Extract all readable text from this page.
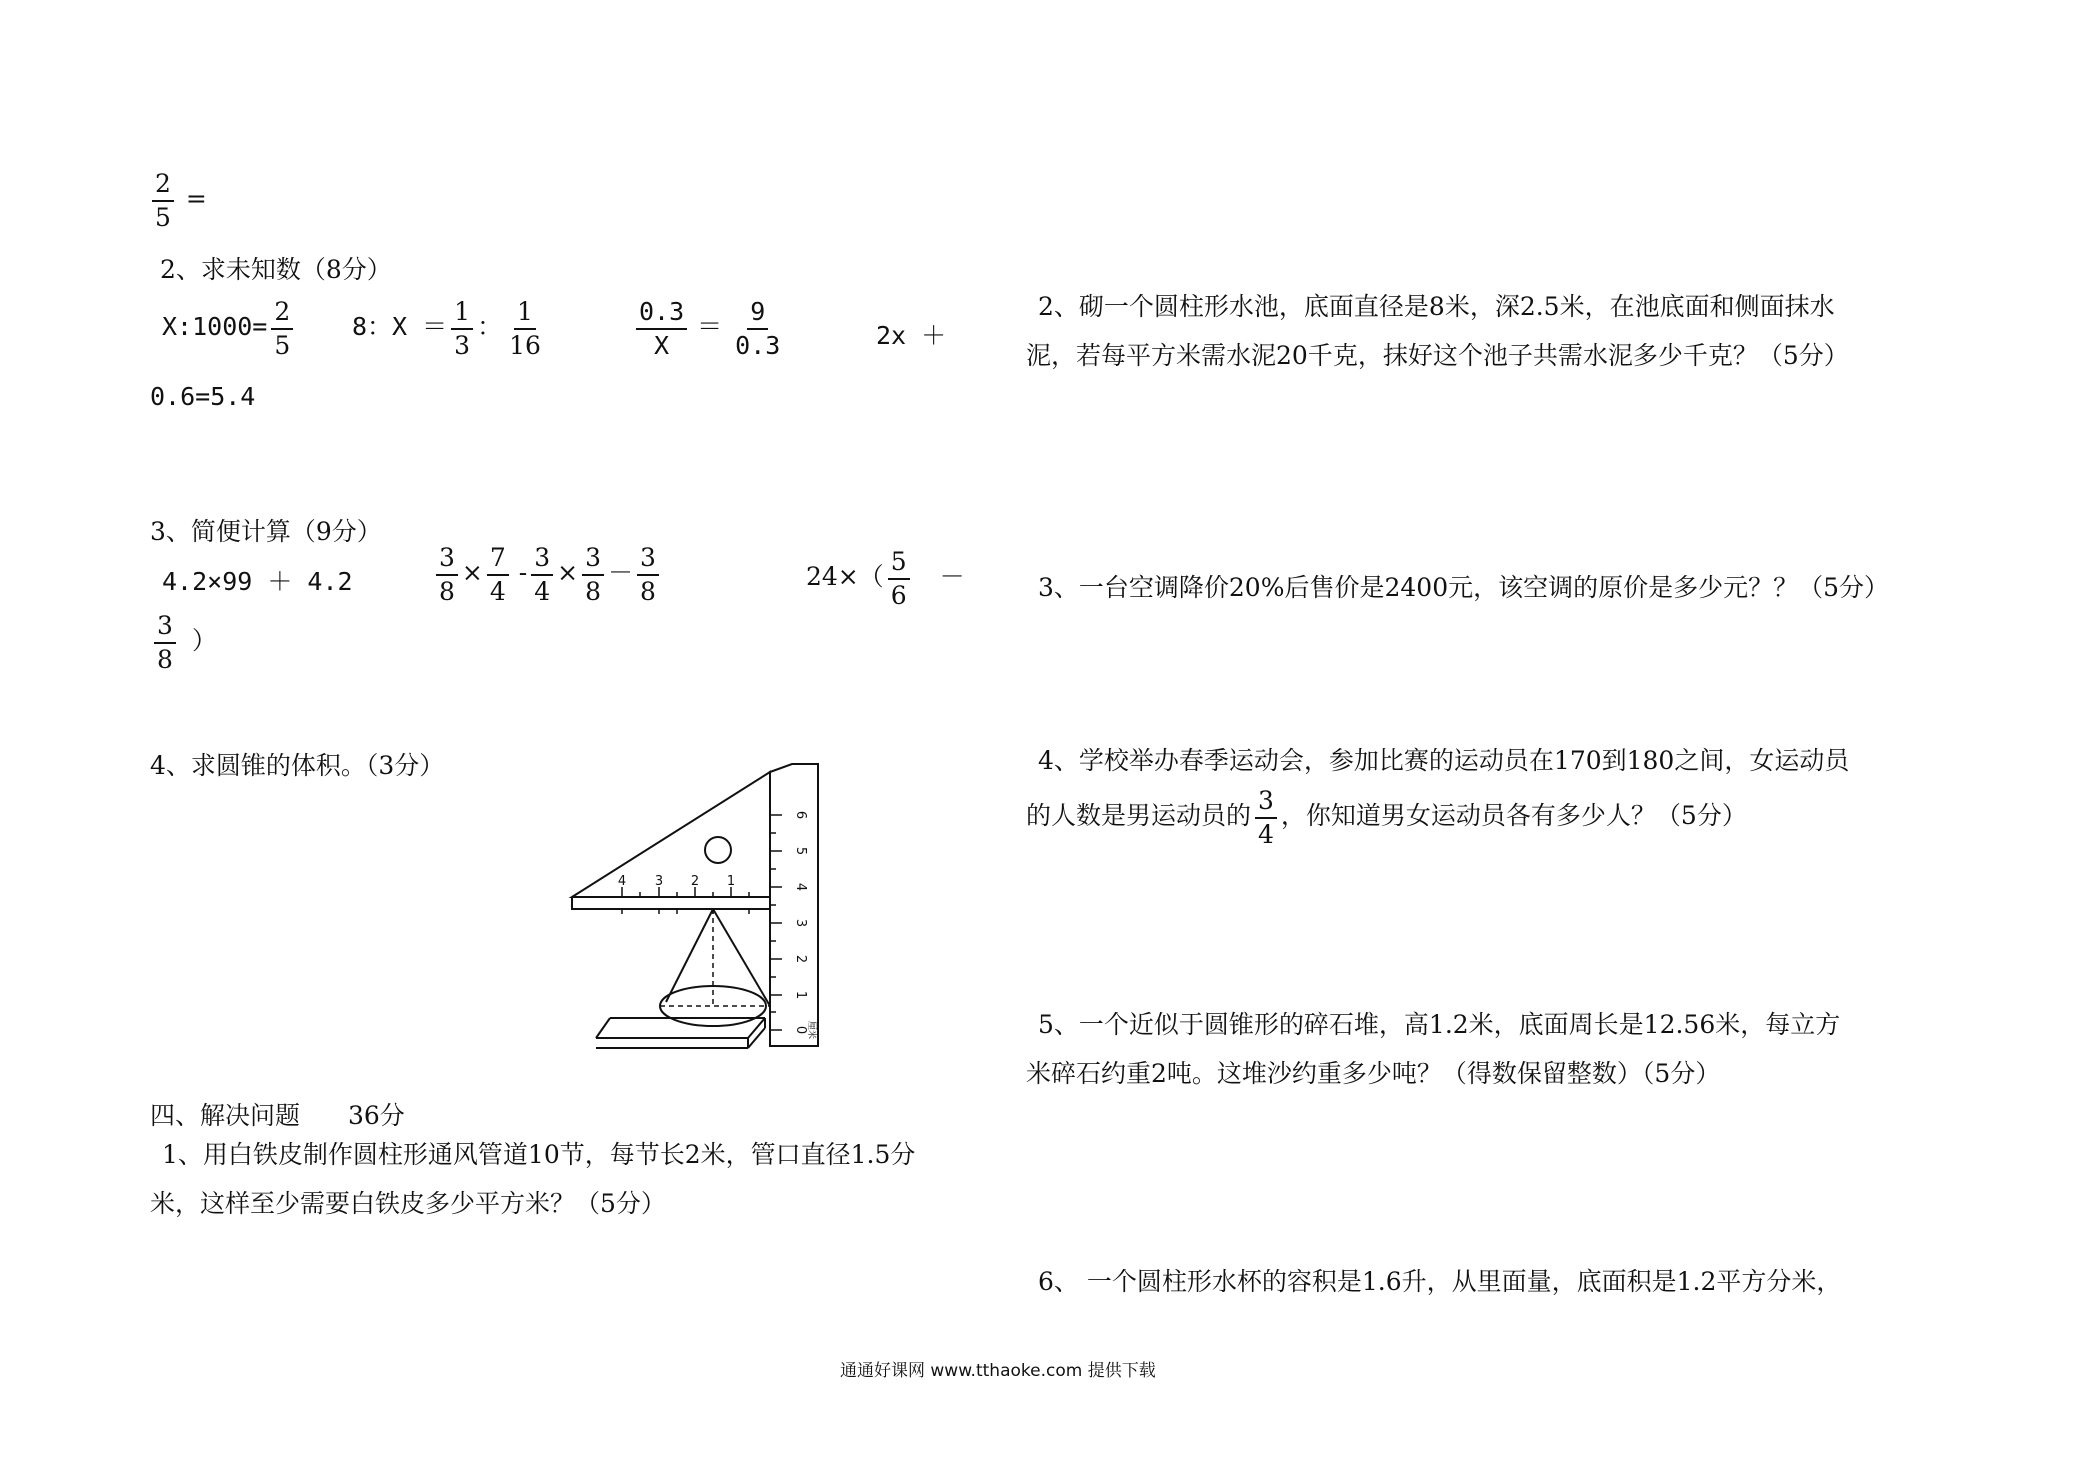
$\frac{2}{5}$ =
2、求未知数（8分）
X:1000= $\frac{2}{5} 8$：$X = \frac{1}{3}$ ： $\frac{1}{16}$	$\frac{0.3}{X} = \frac{9}{0.3}$	2x ＋
0.6=5.4
3、简便计算（9分）
4.2×99 ＋ 4.2	$\frac{3}{8} \times \frac{7}{4} - \frac{3}{4} \times \frac{3}{8} - \frac{3}{8}$	$24\times( \frac{5}{6}$ －
$\frac{3}{8}$ ）
4、求圆锥的体积。（3分）
6
5
4
3
2
1
0
厘米
4 3 2 1
四、解决问题 36分
1、用白铁皮制作圆柱形通风管道10节，每节长2米，管口直径1.5分
米，这样至少需要白铁皮多少平方米？（5分）
2、砌一个圆柱形水池，底面直径是8米，深2.5米，在池底面和侧面抹水
泥，若每平方米需水泥20千克，抹好这个池子共需水泥多少千克？（5分）
3、一台空调降价20%后售价是2400元，该空调的原价是多少元？？（5分）
4、学校举办春季运动会，参加比赛的运动员在170到180之间，女运动员
的人数是男运动员的 $\frac{3}{4}$ ，你知道男女运动员各有多少人？（5分）
5、一个近似于圆锥形的碎石堆，高1.2米，底面周长是12.56米，每立方
米碎石约重2吨。这堆沙约重多少吨？（得数保留整数）（5分）
6、 一个圆柱形水杯的容积是1.6升，从里面量，底面积是1.2平方分米，
通通好课网 www.tthaoke.com 提供下载
